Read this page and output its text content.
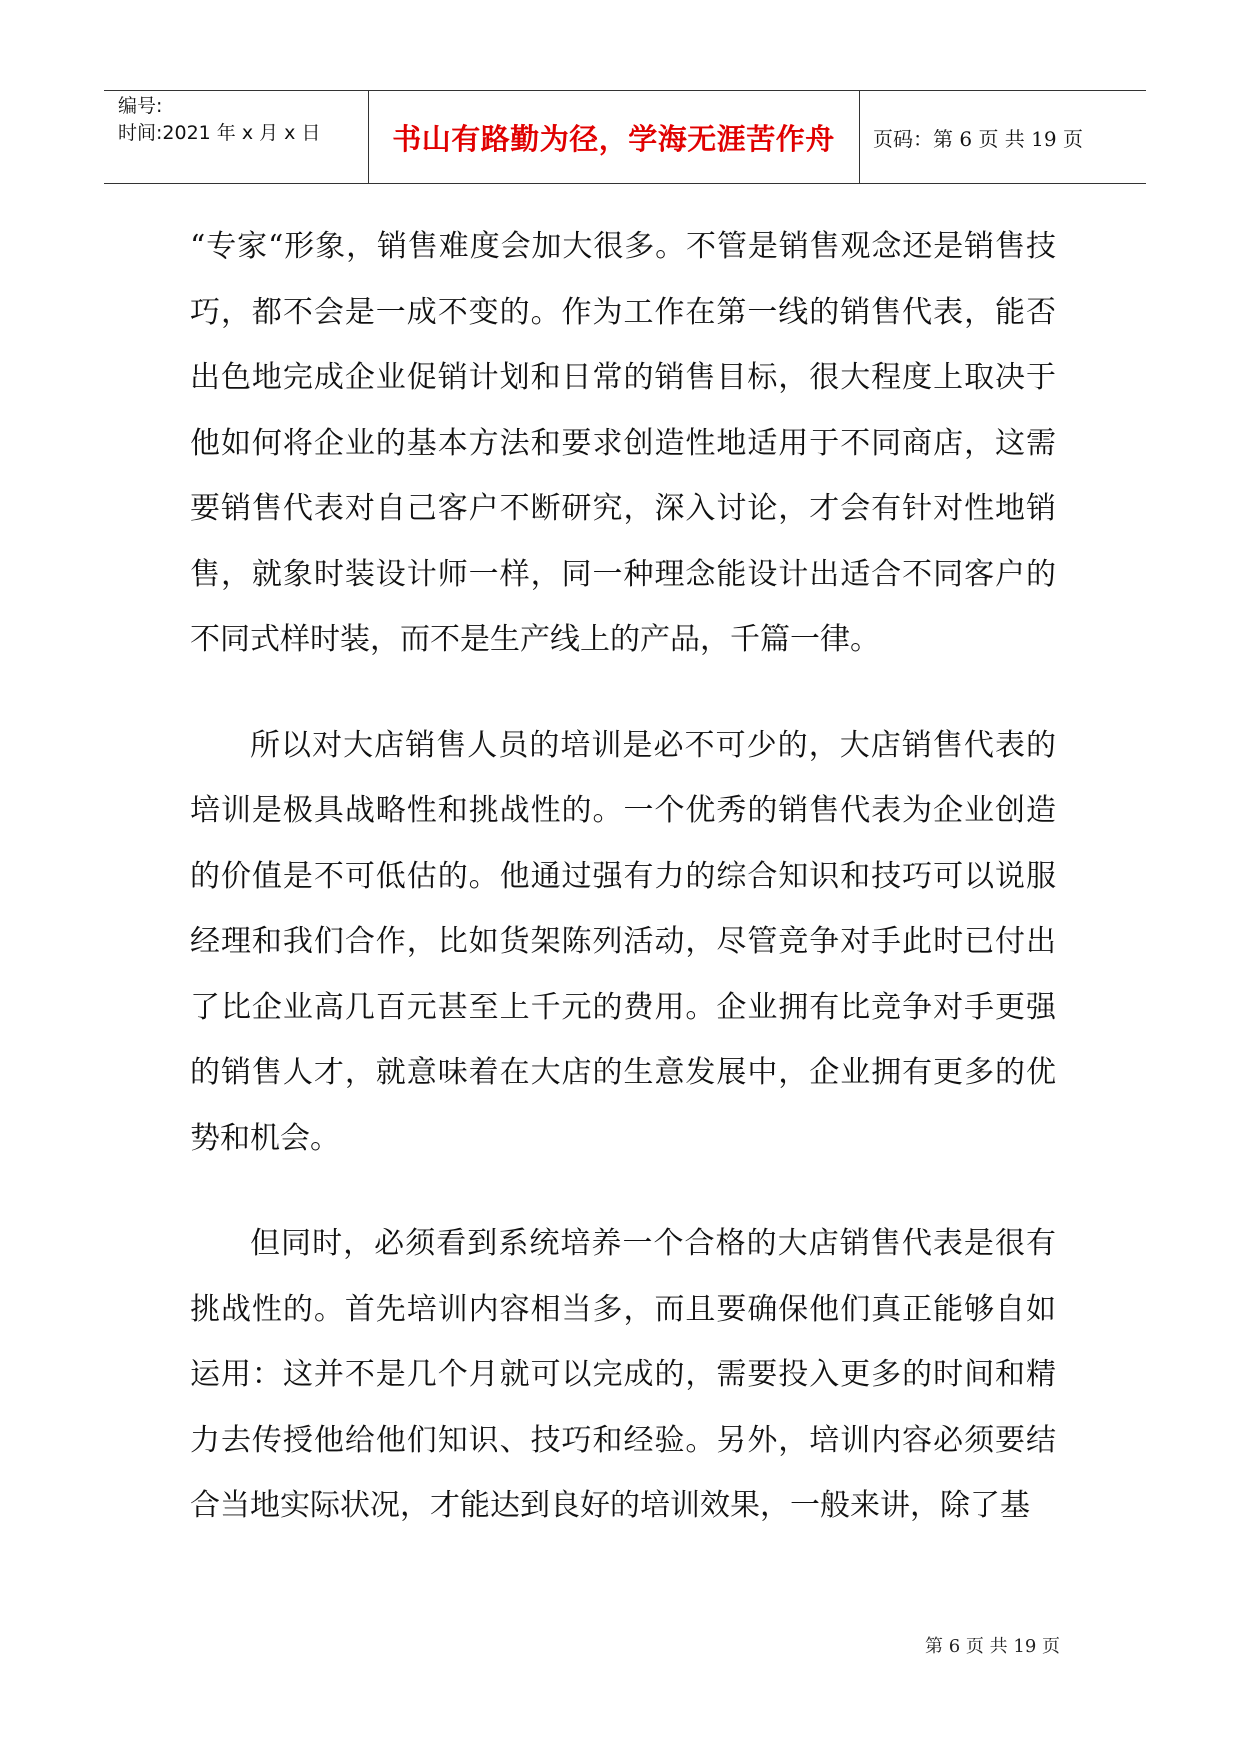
编号:
时间:2021 年 x 月 x 日	书山有路勤为径，学海无涯苦作舟	页码：第 6 页 共 19 页

“专家“形象，销售难度会加大很多。不管是销售观念还是销售技巧，都不会是一成不变的。作为工作在第一线的销售代表，能否出色地完成企业促销计划和日常的销售目标，很大程度上取决于他如何将企业的基本方法和要求创造性地适用于不同商店，这需要销售代表对自己客户不断研究，深入讨论，才会有针对性地销售，就象时装设计师一样，同一种理念能设计出适合不同客户的不同式样时装，而不是生产线上的产品，千篇一律。

所以对大店销售人员的培训是必不可少的，大店销售代表的培训是极具战略性和挑战性的。一个优秀的销售代表为企业创造的价值是不可低估的。他通过强有力的综合知识和技巧可以说服经理和我们合作，比如货架陈列活动，尽管竞争对手此时已付出了比企业高几百元甚至上千元的费用。企业拥有比竞争对手更强的销售人才，就意味着在大店的生意发展中，企业拥有更多的优势和机会。

但同时，必须看到系统培养一个合格的大店销售代表是很有挑战性的。首先培训内容相当多，而且要确保他们真正能够自如运用：这并不是几个月就可以完成的，需要投入更多的时间和精力去传授他给他们知识、技巧和经验。另外，培训内容必须要结合当地实际状况，才能达到良好的培训效果，一般来讲，除了基

第 6 页 共 19 页
